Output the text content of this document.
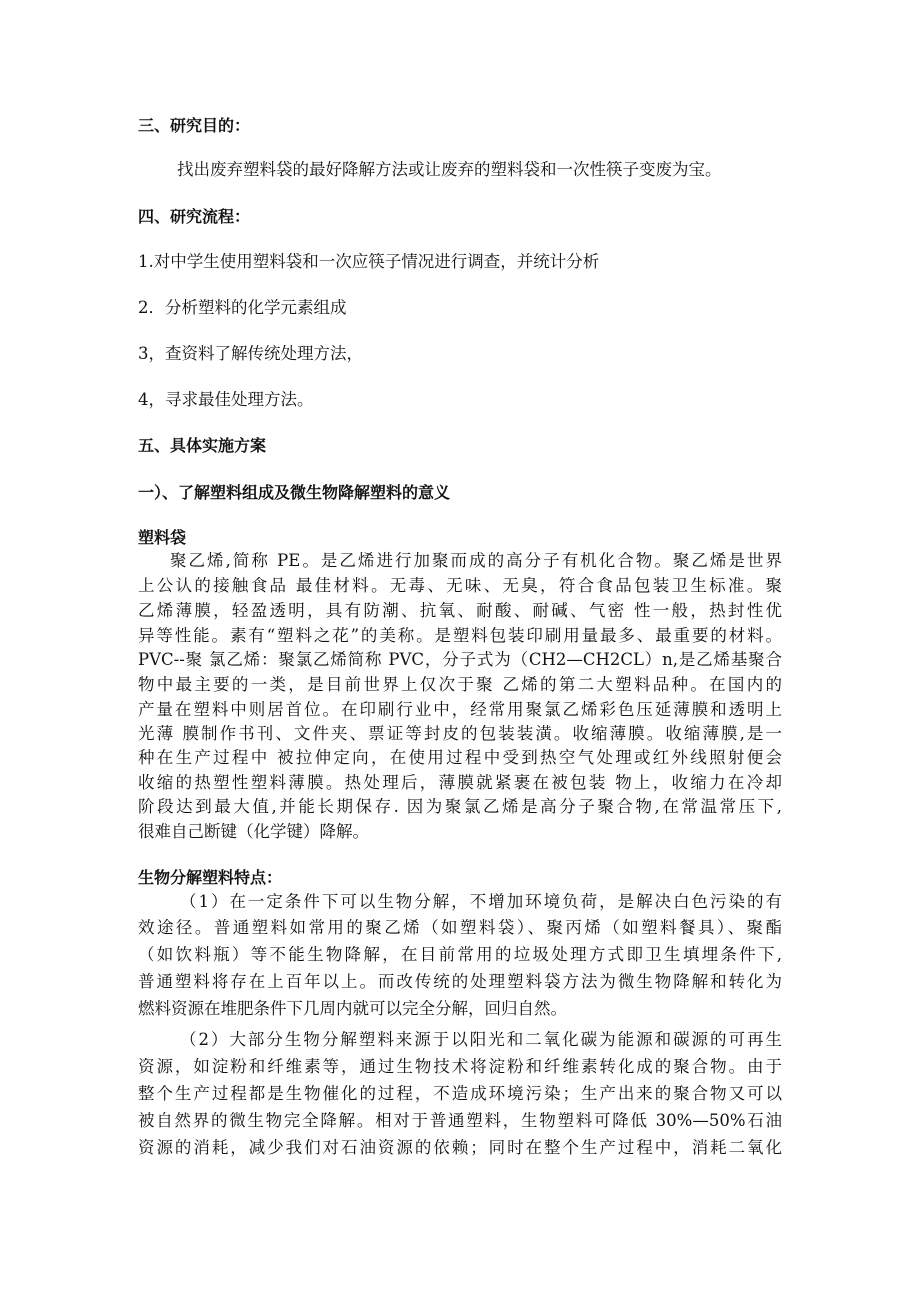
三、研究目的：
找出废弃塑料袋的最好降解方法或让废弃的塑料袋和一次性筷子变废为宝。
四、研究流程：
1.对中学生使用塑料袋和一次应筷子情况进行调查，并统计分析
2．分析塑料的化学元素组成
3，查资料了解传统处理方法，
4，寻求最佳处理方法。
五、具体实施方案
一）、了解塑料组成及微生物降解塑料的意义
塑料袋
聚乙烯,简称 PE。是乙烯进行加聚而成的高分子有机化合物。聚乙烯是世界
上公认的接触食品 最佳材料。无毒、无味、无臭，符合食品包装卫生标准。聚
乙烯薄膜，轻盈透明，具有防潮、抗氧、耐酸、耐碱、气密 性一般，热封性优
异等性能。素有“塑料之花”的美称。是塑料包装印刷用量最多、最重要的材料。
PVC--聚 氯乙烯：聚氯乙烯简称 PVC，分子式为（CH2—CH2CL）n,是乙烯基聚合
物中最主要的一类，是目前世界上仅次于聚 乙烯的第二大塑料品种。在国内的
产量在塑料中则居首位。在印刷行业中，经常用聚氯乙烯彩色压延薄膜和透明上
光薄 膜制作书刊、文件夹、票证等封皮的包装装潢。收缩薄膜。收缩薄膜,是一
种在生产过程中 被拉伸定向，在使用过程中受到热空气处理或红外线照射便会
收缩的热塑性塑料薄膜。热处理后，薄膜就紧裹在被包装 物上，收缩力在冷却
阶段达到最大值,并能长期保存. 因为聚氯乙烯是高分子聚合物,在常温常压下,
很难自己断键（化学键）降解。
生物分解塑料特点：
（1）在一定条件下可以生物分解，不增加环境负荷，是解决白色污染的有
效途径。普通塑料如常用的聚乙烯（如塑料袋）、聚丙烯（如塑料餐具）、聚酯
（如饮料瓶）等不能生物降解，在目前常用的垃圾处理方式即卫生填埋条件下,
普通塑料将存在上百年以上。而改传统的处理塑料袋方法为微生物降解和转化为
燃料资源在堆肥条件下几周内就可以完全分解，回归自然。
（2）大部分生物分解塑料来源于以阳光和二氧化碳为能源和碳源的可再生
资源，如淀粉和纤维素等，通过生物技术将淀粉和纤维素转化成的聚合物。由于
整个生产过程都是生物催化的过程，不造成环境污染；生产出来的聚合物又可以
被自然界的微生物完全降解。相对于普通塑料，生物塑料可降低 30%—50%石油
资源的消耗，减少我们对石油资源的依赖；同时在整个生产过程中，消耗二氧化
